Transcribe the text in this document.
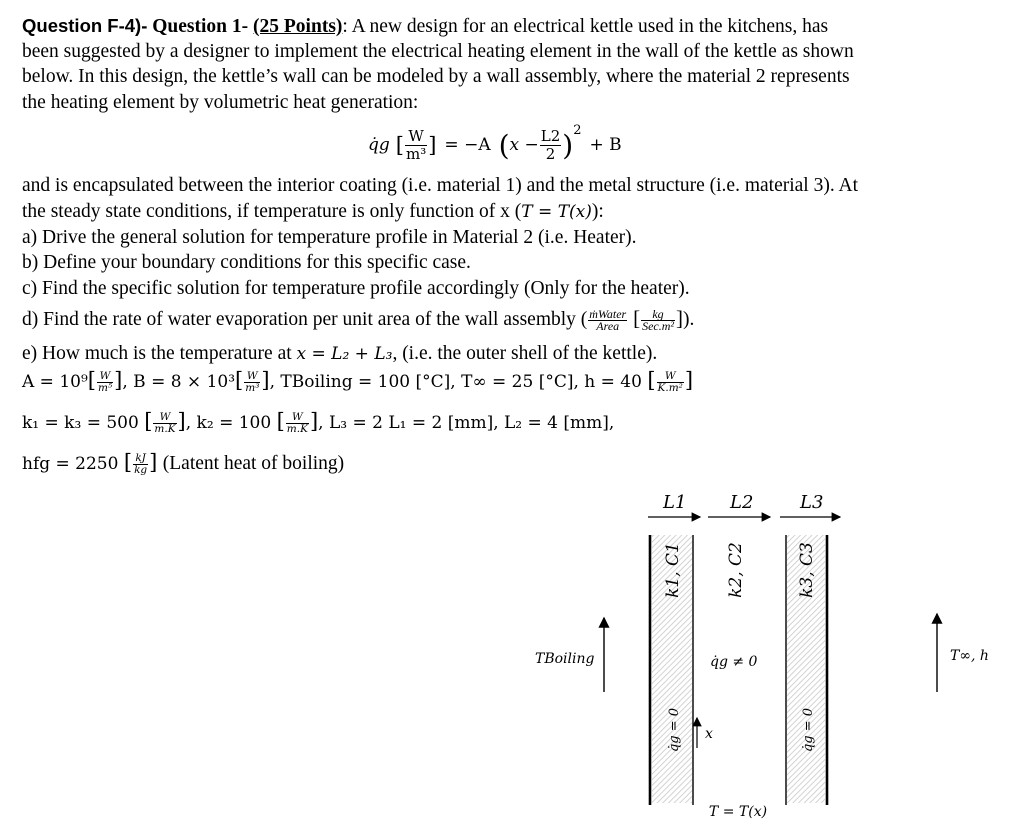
Question F-4)- Question 1- (25 Points): A new design for an electrical kettle used in the kitchens, has
been suggested by a designer to implement the electrical heating element in the wall of the kettle as shown
below. In this design, the kettle’s wall can be modeled by a wall assembly, where the material 2 represents
the heating element by volumetric heat generation:
q̇g [ $\frac{W}{\text{m³}}$ ] = −A ( $x - \frac{L2}{2} )^2$
+ B
and is encapsulated between the interior coating (i.e. material 1) and the metal structure (i.e. material 3). At
the steady state conditions, if temperature is only function of x (T = T(x)):
a) Drive the general solution for temperature profile in Material 2 (i.e. Heater).
b) Define your boundary conditions for this specific case.
c) Find the specific solution for temperature profile accordingly (Only for the heater).
d) Find the rate of water evaporation per unit area of the wall assembly ( $\frac{\text{ṁWater}}{\text{Area}}$ [ $\frac{kg}{\text{Sec.m²}}$ ]).
e) How much is the temperature at x = L₂ + L₃, (i.e. the outer shell of the kettle).
$A = 10^9[ \frac{W}{\text{m⁵}}$ ], $B = 8 \times 10^3[ \frac{W}{\text{m³}}$ ], TBoiling = 100 [°C], T∞ = 25 [°C], h = 40 [ $\frac{W}{\text{K.m²}}$ ]
k₁ = k₃ = 500 [ $\frac{W}{m.K}$ ], k₂ = 100 [ $\frac{W}{m.K}$ ], L₃ = 2 L₁ = 2 [mm], L₂ = 4 [mm],
hfg = 2250 [ $\frac{kJ}{kg}$ ] (Latent heat of boiling)
L1 L2	L3
k1, C1	k2, C2	k3, C3
q̇g ≠ 0
q̇g = 0	q̇g = 0
x
TBoiling	T∞, h
T = T(x)
